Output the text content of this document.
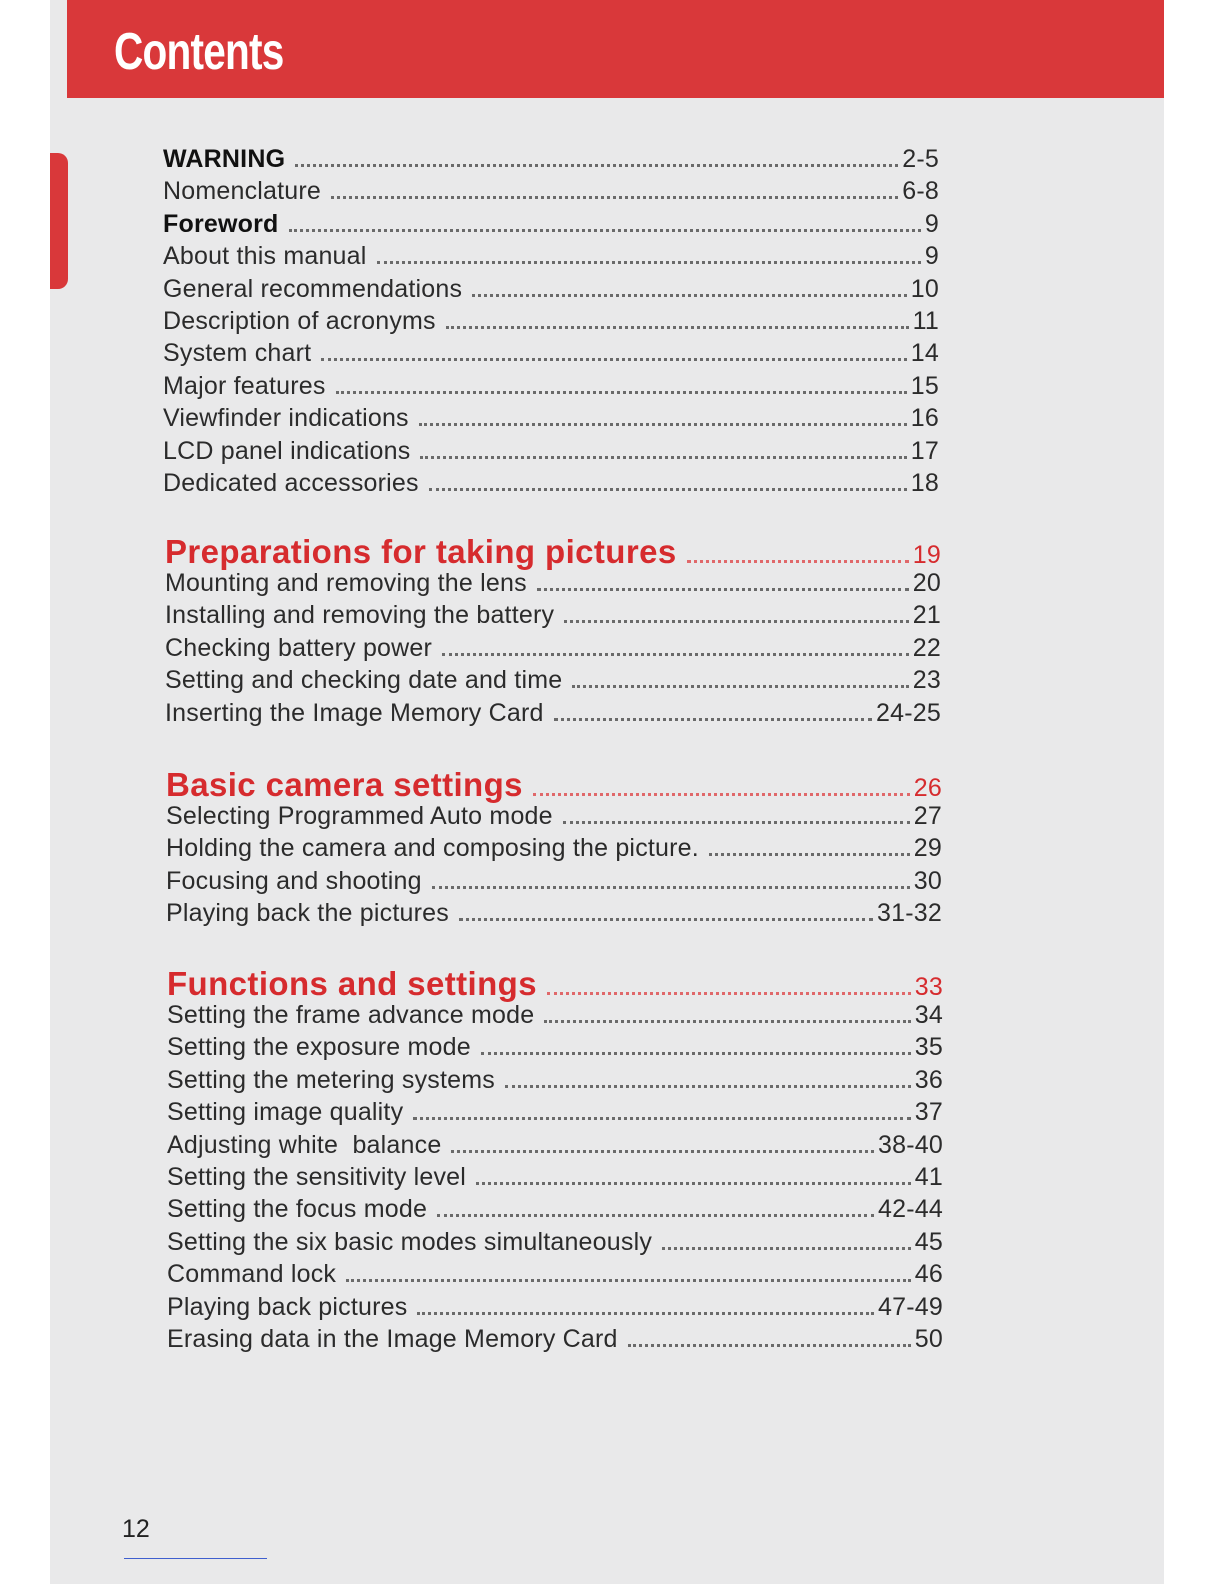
Contents
WARNING	2-5
Nomenclature	6-8
Foreword	9
About this manual	9
General recommendations	10
Description of acronyms	11
System chart	14
Major features	15
Viewfinder indications	16
LCD panel indications	17
Dedicated accessories	18
Preparations for taking pictures	19
Mounting and removing the lens	20
Installing and removing the battery	21
Checking battery power	22
Setting and checking date and time	23
Inserting the Image Memory Card	24-25
Basic camera settings	26
Selecting Programmed Auto mode	27
Holding the camera and composing the picture.	29
Focusing and shooting	30
Playing back the pictures	31-32
Functions and settings	33
Setting the frame advance mode	34
Setting the exposure mode	35
Setting the metering systems	36
Setting image quality	37
Adjusting white  balance	38-40
Setting the sensitivity level	41
Setting the focus mode	42-44
Setting the six basic modes simultaneously	45
Command lock	46
Playing back pictures	47-49
Erasing data in the Image Memory Card	50
12
